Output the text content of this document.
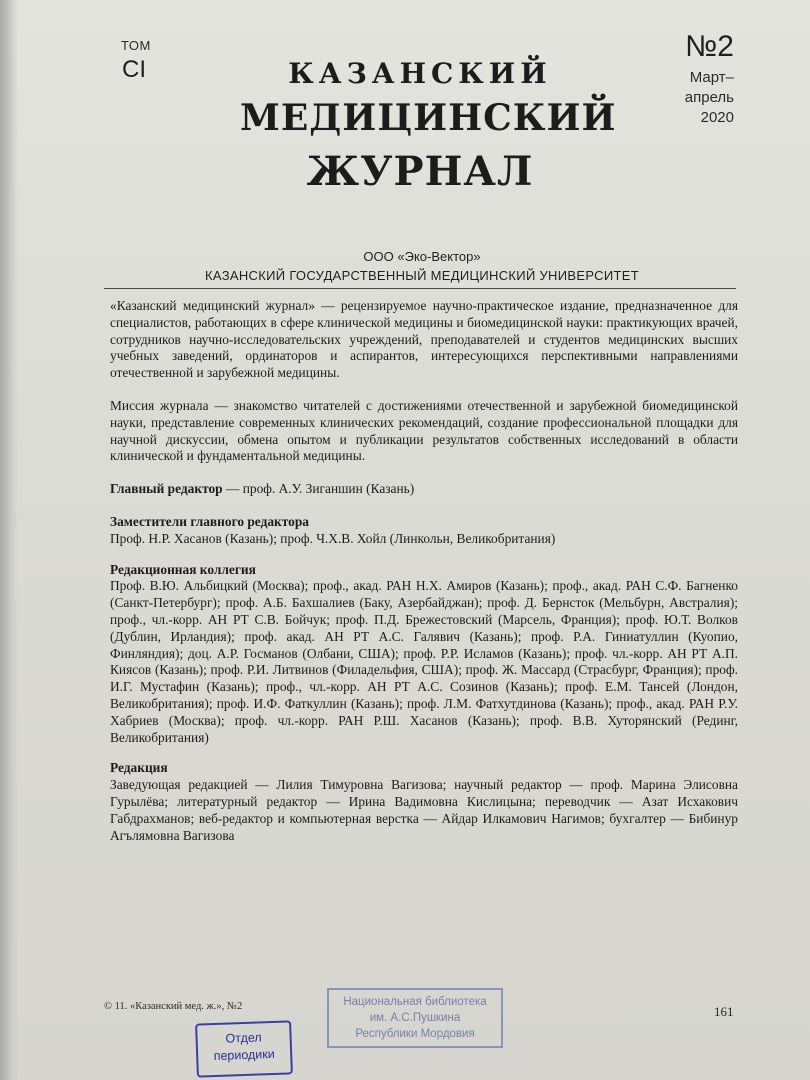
ТОМ
CI
№2
Март–
апрель
2020
КАЗАНСКИЙ
МЕДИЦИНСКИЙ
ЖУРНАЛ
ООО «Эко-Вектор»
КАЗАНСКИЙ ГОСУДАРСТВЕННЫЙ МЕДИЦИНСКИЙ УНИВЕРСИТЕТ

«Казанский медицинский журнал» — рецензируемое научно-практическое издание, предназначенное для специалистов, работающих в сфере клинической медицины и биомедицинской науки: практикующих врачей, сотрудников научно-исследовательских учреждений, преподавателей и студентов медицинских высших учебных заведений, ординаторов и аспирантов, интересующихся перспективными направлениями отечественной и зарубежной медицины.

Миссия журнала — знакомство читателей с достижениями отечественной и зарубежной биомедицинской науки, представление современных клинических рекомендаций, создание профессиональной площадки для научной дискуссии, обмена опытом и публикации результатов собственных исследований в области клинической и фундаментальной медицины.

Главный редактор — проф. А.У. Зиганшин (Казань)

Заместители главного редактора

Проф. Н.Р. Хасанов (Казань); проф. Ч.Х.В. Хойл (Линкольн, Великобритания)

Редакционная коллегия

Проф. В.Ю. Альбицкий (Москва); проф., акад. РАН Н.Х. Амиров (Казань); проф., акад. РАН С.Ф. Багненко (Санкт-Петербург); проф. А.Б. Бахшалиев (Баку, Азербайджан); проф. Д. Бернсток (Мельбурн, Австралия); проф., чл.-корр. АН РТ С.В. Бойчук; проф. П.Д. Брежестовский (Марсель, Франция); проф. Ю.Т. Волков (Дублин, Ирландия); проф. акад. АН РТ А.С. Галявич (Казань); проф. Р.А. Гиниатуллин (Куопио, Финляндия); доц. А.Р. Госманов (Олбани, США); проф. Р.Р. Исламов (Казань); проф. чл.-корр. АН РТ А.П. Киясов (Казань); проф. Р.И. Литвинов (Филадельфия, США); проф. Ж. Массард (Страсбург, Франция); проф. И.Г. Мустафин (Казань); проф., чл.-корр. АН РТ А.С. Созинов (Казань); проф. Е.М. Тансей (Лондон, Великобритания); проф. И.Ф. Фаткуллин (Казань); проф. Л.М. Фатхутдинова (Казань); проф., акад. РАН Р.У. Хабриев (Москва); проф. чл.-корр. РАН Р.Ш. Хасанов (Казань); проф. В.В. Хуторянский (Рединг, Великобритания)

Редакция

Заведующая редакцией — Лилия Тимуровна Вагизова; научный редактор — проф. Марина Элисовна Гурылёва; литературный редактор — Ирина Вадимовна Кислицына; переводчик — Азат Исхакович Габдрахманов; веб-редактор и компьютерная верстка — Айдар Илкамович Нагимов; бухгалтер — Бибинур Агълямовна Вагизова

© 11. «Казанский мед. ж.», №2	161
Национальная библиотека
им. А.С.Пушкина
Республики Мордовия
Отдел
периодики
